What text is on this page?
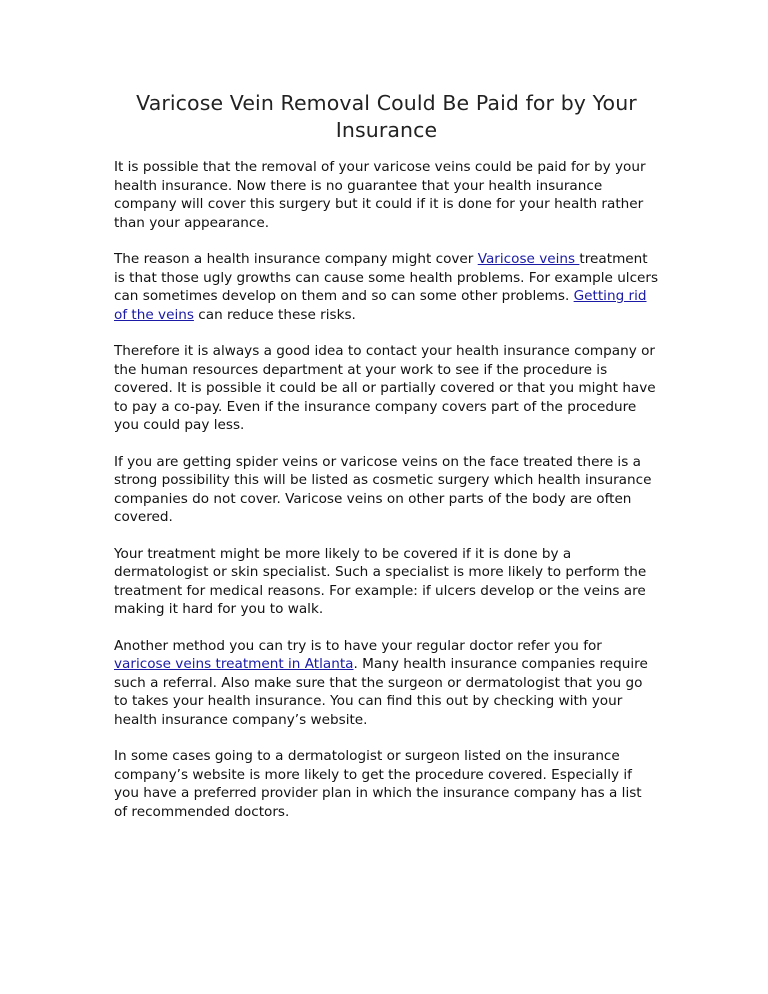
Varicose Vein Removal Could Be Paid for by Your Insurance

It is possible that the removal of your varicose veins could be paid for by your health insurance. Now there is no guarantee that your health insurance company will cover this surgery but it could if it is done for your health rather than your appearance.

The reason a health insurance company might cover Varicose veins treatment is that those ugly growths can cause some health problems. For example ulcers can sometimes develop on them and so can some other problems. Getting rid of the veins can reduce these risks.

Therefore it is always a good idea to contact your health insurance company or the human resources department at your work to see if the procedure is covered. It is possible it could be all or partially covered or that you might have to pay a co-pay. Even if the insurance company covers part of the procedure you could pay less.

If you are getting spider veins or varicose veins on the face treated there is a strong possibility this will be listed as cosmetic surgery which health insurance companies do not cover. Varicose veins on other parts of the body are often covered.

Your treatment might be more likely to be covered if it is done by a dermatologist or skin specialist. Such a specialist is more likely to perform the treatment for medical reasons. For example: if ulcers develop or the veins are making it hard for you to walk.

Another method you can try is to have your regular doctor refer you for varicose veins treatment in Atlanta. Many health insurance companies require such a referral. Also make sure that the surgeon or dermatologist that you go to takes your health insurance. You can find this out by checking with your health insurance company’s website.

In some cases going to a dermatologist or surgeon listed on the insurance company’s website is more likely to get the procedure covered. Especially if you have a preferred provider plan in which the insurance company has a list of recommended doctors.
